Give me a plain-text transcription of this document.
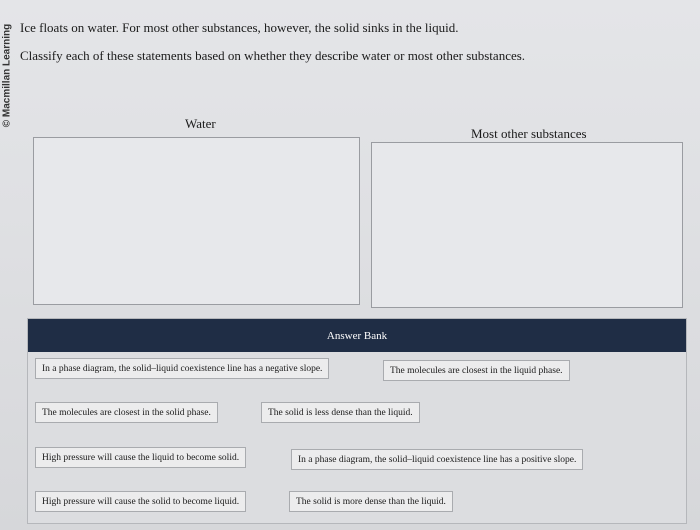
© Macmillan Learning Ice floats on water. For most other substances, however, the solid sinks in the liquid.
Classify each of these statements based on whether they describe water or most other substances.
Water
Most other substances
Answer Bank
In a phase diagram, the solid–liquid coexistence line has a negative slope.	The molecules are closest in the liquid phase.
The molecules are closest in the solid phase.	The solid is less dense than the liquid.
High pressure will cause the liquid to become solid.	In a phase diagram, the solid–liquid coexistence line has a positive slope.
High pressure will cause the solid to become liquid.	The solid is more dense than the liquid.
